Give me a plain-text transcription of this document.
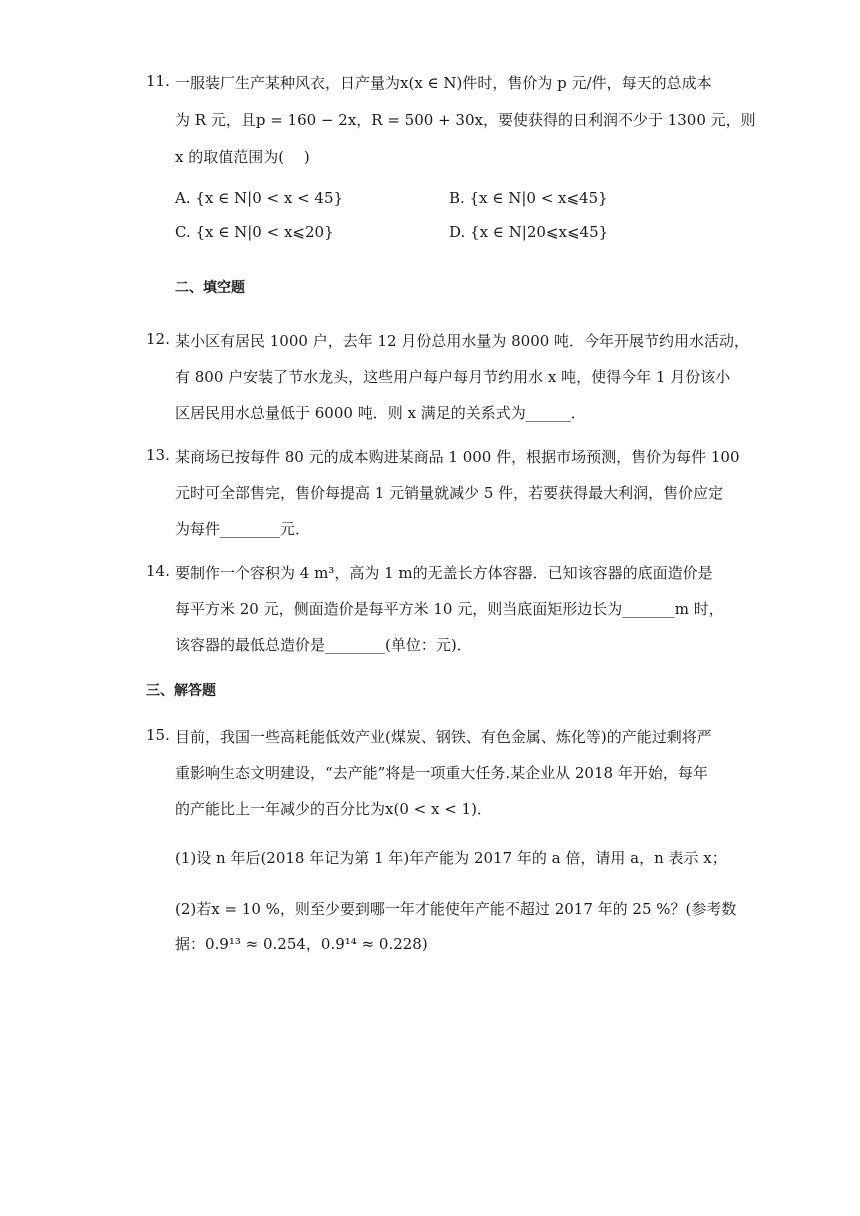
11. 一服装厂生产某种风衣，日产量为x(x ∈ N)件时，售价为 p 元/件，每天的总成本
为 R 元，且p = 160 − 2x，R = 500 + 30x，要使获得的日利润不少于 1300 元，则
x 的取值范围为(　 )
A. {x ∈ N|0 < x < 45}	B. {x ∈ N|0 < x⩽45}
C. {x ∈ N|0 < x⩽20}	D. {x ∈ N|20⩽x⩽45}
二、填空题
12. 某小区有居民 1000 户，去年 12 月份总用水量为 8000 吨．今年开展节约用水活动，
有 800 户安装了节水龙头，这些用户每户每月节约用水 x 吨，使得今年 1 月份该小
区居民用水总量低于 6000 吨．则 x 满足的关系式为______．
13. 某商场已按每件 80 元的成本购进某商品 1 000 件，根据市场预测，售价为每件 100
元时可全部售完，售价每提高 1 元销量就减少 5 件，若要获得最大利润，售价应定
为每件________元．
14. 要制作一个容积为 4 m³，高为 1 m的无盖长方体容器．已知该容器的底面造价是
每平方米 20 元，侧面造价是每平方米 10 元，则当底面矩形边长为_______m 时，
该容器的最低总造价是________(单位：元)．
三、解答题
15. 目前，我国一些高耗能低效产业(煤炭、钢铁、有色金属、炼化等)的产能过剩将严
重影响生态文明建设，“去产能”将是一项重大任务.某企业从 2018 年开始，每年
的产能比上一年减少的百分比为x(0 < x < 1)．
(1)设 n 年后(2018 年记为第 1 年)年产能为 2017 年的 a 倍，请用 a，n 表示 x；
(2)若x = 10 %，则至少要到哪一年才能使年产能不超过 2017 年的 25 %？(参考数
据：0.9¹³ ≈ 0.254，0.9¹⁴ ≈ 0.228)
